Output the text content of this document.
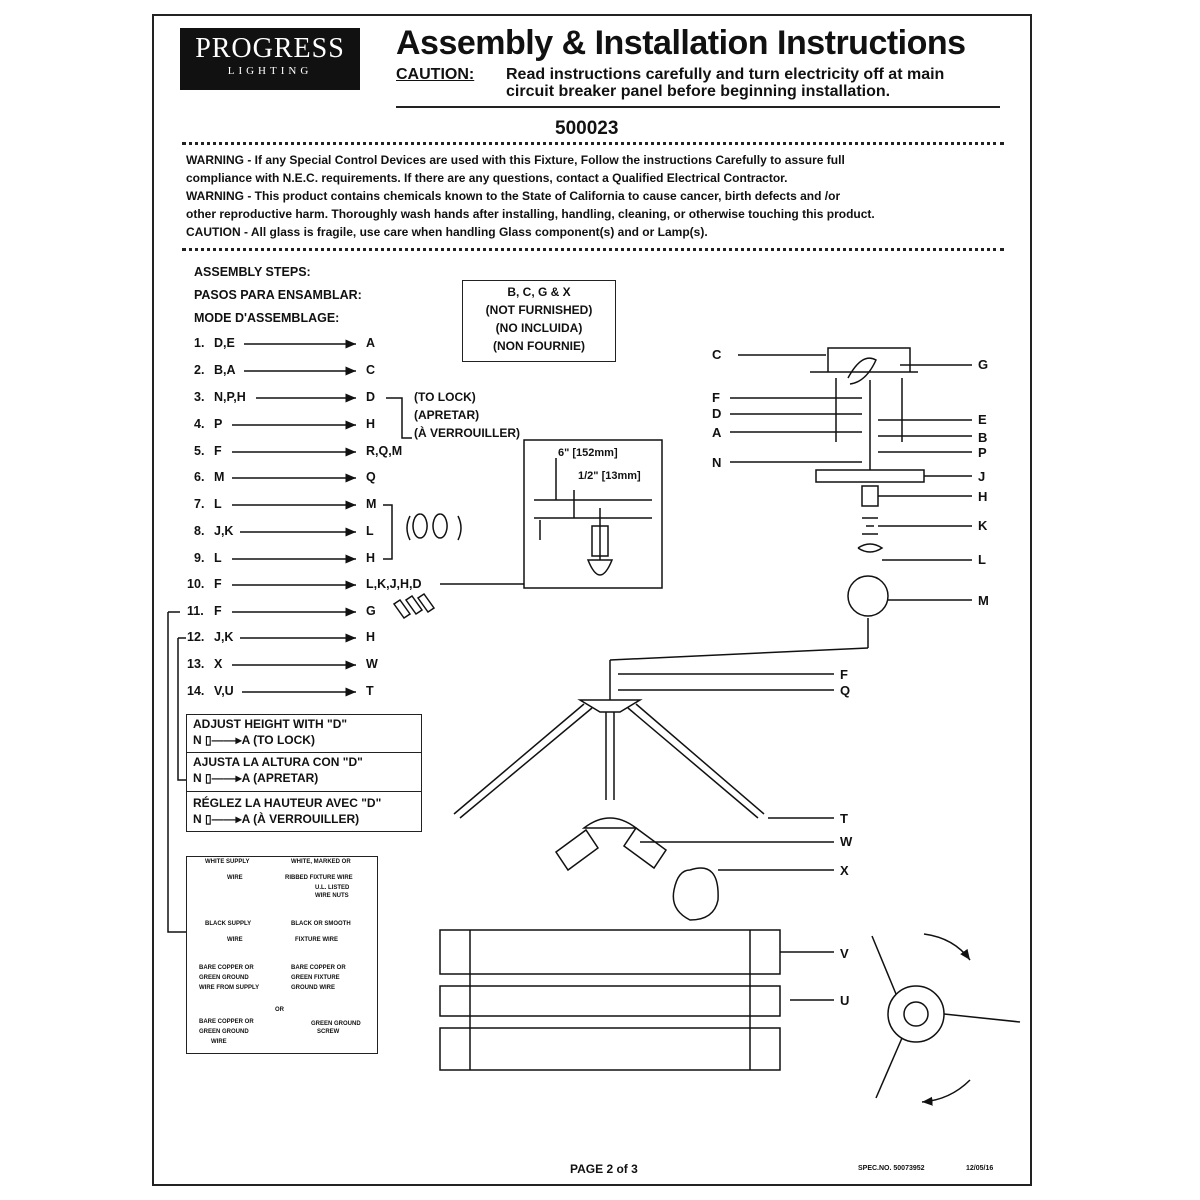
PROGRESS
LIGHTING
Assembly & Installation Instructions
CAUTION: Read instructions carefully and turn electricity off at main circuit breaker panel before beginning installation.
500023
WARNING - If any Special Control Devices are used with this Fixture, Follow the instructions Carefully to assure full
compliance with N.E.C. requirements. If there are any questions, contact a Qualified Electrical Contractor.
WARNING - This product contains chemicals known to the State of California to cause cancer, birth defects and /or
other reproductive harm. Thoroughly wash hands after installing, handling, cleaning, or otherwise touching this product.
CAUTION - All glass is fragile, use care when handling Glass component(s) and or Lamp(s).
ASSEMBLY STEPS:
PASOS PARA ENSAMBLAR:
MODE D'ASSEMBLAGE:
B, C, G & X
(NOT FURNISHED)
(NO INCLUIDA)
(NON FOURNIE)
1. D,E	A
2. B,A	C
3. N,P,H	D
4. P	H
5. F	R,Q,M
6. M	Q
7. L	M
8. J,K	L
9. L	H
10. F	L,K,J,H,D
11. F	G
12. J,K	H
13. X	W
14. V,U	T
(TO LOCK)
(APRETAR)
(À VERROUILLER)
6" [152mm]
1/2" [13mm]
ADJUST HEIGHT WITH "D"
N ▯——▸A (TO LOCK)
AJUSTA LA ALTURA CON "D"
N ▯——▸A (APRETAR)
RÉGLEZ LA HAUTEUR AVEC "D"
N ▯——▸A (À VERROUILLER)
WHITE SUPPLY
WIRE
WHITE, MARKED OR
RIBBED FIXTURE WIRE
U.L. LISTED
WIRE NUTS
BLACK SUPPLY
WIRE
BLACK OR SMOOTH
FIXTURE WIRE
BARE COPPER OR
GREEN GROUND
WIRE FROM SUPPLY
BARE COPPER OR
GREEN FIXTURE
GROUND WIRE
OR
BARE COPPER OR
GREEN GROUND
WIRE
GREEN GROUND
SCREW
C
G
F
D
A
E
B
N
P
J
H
K
L
M
F
Q
T
W
X
V
U
PAGE 2 of 3	SPEC.NO. 50073952	12/05/16
